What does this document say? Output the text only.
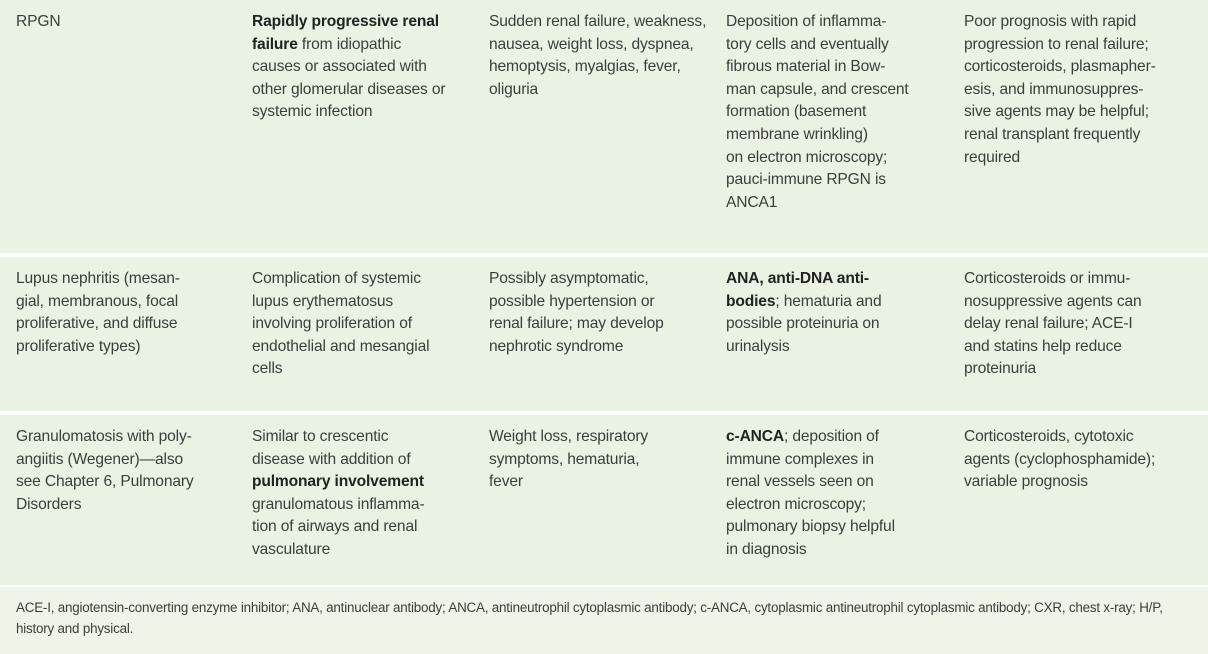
RPGN	Rapidly progressive renal failure from idiopathic causes or associated with other glomerular diseases or systemic infection
Sudden renal failure, weakness, nausea, weight loss, dyspnea, hemoptysis, myalgias, fever, oliguria
Deposition of inflamma-
tory cells and eventually
fibrous material in Bow-
man capsule, and crescent
formation (basement
membrane wrinkling)
on electron microscopy;
pauci-immune RPGN is
ANCA1
Poor prognosis with rapid
progression to renal failure;
corticosteroids, plasmapher-
esis, and immunosuppres-
sive agents may be helpful;
renal transplant frequently
required
Lupus nephritis (mesan-
gial, membranous, focal
proliferative, and diffuse
proliferative types)
Complication of systemic
lupus erythematosus
involving proliferation of
endothelial and mesangial
cells
Possibly asymptomatic,
possible hypertension or
renal failure; may develop
nephrotic syndrome
ANA, anti-DNA anti-
bodies; hematuria and
possible proteinuria on
urinalysis
Corticosteroids or immu-
nosuppressive agents can
delay renal failure; ACE-I
and statins help reduce
proteinuria
Granulomatosis with poly-
angiitis (Wegener)—also
see Chapter 6, Pulmonary
Disorders
Similar to crescentic
disease with addition of
pulmonary involvement
granulomatous inflamma-
tion of airways and renal
vasculature
Weight loss, respiratory
symptoms, hematuria,
fever
c-ANCA; deposition of
immune complexes in
renal vessels seen on
electron microscopy;
pulmonary biopsy helpful
in diagnosis
Corticosteroids, cytotoxic
agents (cyclophosphamide);
variable prognosis
ACE-I, angiotensin-converting enzyme inhibitor; ANA, antinuclear antibody; ANCA, antineutrophil cytoplasmic antibody; c-ANCA, cytoplasmic antineutrophil cytoplasmic antibody; CXR, chest x-ray; H/P, history and physical.
